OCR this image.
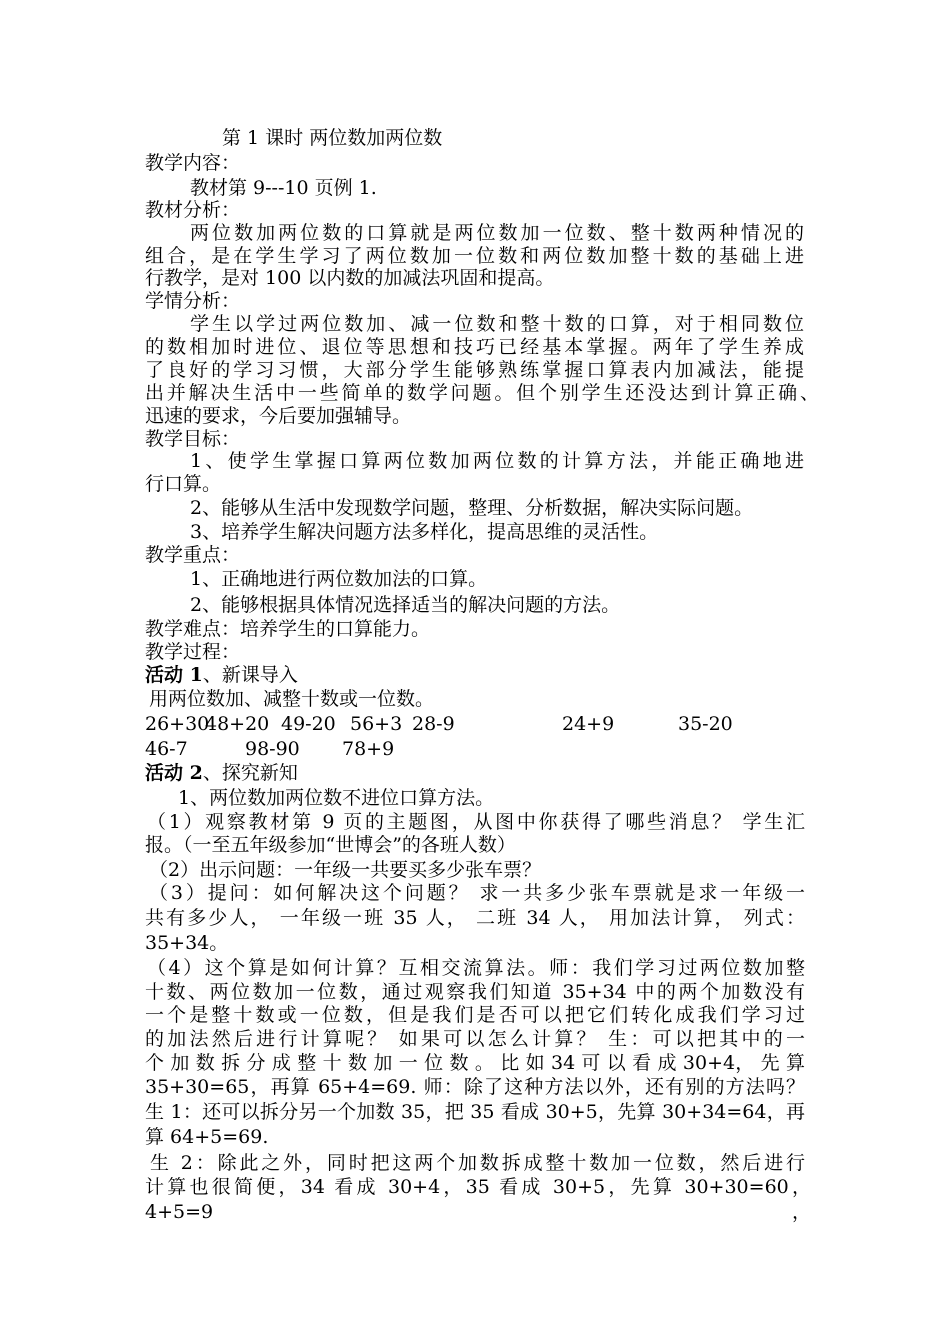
第 1 课时 两位数加两位数
教学内容：
教材第 9---10 页例 1.
教材分析：
两位数加两位数的口算就是两位数加一位数、整十数两种情况的
组合，是在学生学习了两位数加一位数和两位数加整十数的基础上进
行教学，是对 100 以内数的加减法巩固和提高。
学情分析：
学生以学过两位数加、减一位数和整十数的口算，对于相同数位
的数相加时进位、退位等思想和技巧已经基本掌握。两年了学生养成
了良好的学习习惯，大部分学生能够熟练掌握口算表内加减法，能提
出并解决生活中一些简单的数学问题。但个别学生还没达到计算正确、
迅速的要求，今后要加强辅导。
教学目标：
1、使学生掌握口算两位数加两位数的计算方法，并能正确地进
行口算。
2、能够从生活中发现数学问题，整理、分析数据，解决实际问题。
3、培养学生解决问题方法多样化，提高思维的灵活性。
教学重点：
1、正确地进行两位数加法的口算。
2、能够根据具体情况选择适当的解决问题的方法。
教学难点：培养学生的口算能力。
教学过程：
活动 1、新课导入
用两位数加、减整十数或一位数。
26+30
48+20 49-20 56+3 28-9	24+9	35-20
46-7	98-90 78+9
活动 2、探究新知
1、两位数加两位数不进位口算方法。
（1）观察教材第 9 页的主题图，从图中你获得了哪些消息？ 学生汇
报。（一至五年级参加“世博会”的各班人数）
（2）出示问题：一年级一共要买多少张车票？
（3）提问：如何解决这个问题？ 求一共多少张车票就是求一年级一
共有多少人， 一年级一班 35 人， 二班 34 人， 用加法计算， 列式：
35+34。
（4）这个算是如何计算？互相交流算法。师：我们学习过两位数加整
十数、两位数加一位数，通过观察我们知道 35+34 中的两个加数没有
一个是整十数或一位数，但是我们是否可以把它们转化成我们学习过
的加法然后进行计算呢？ 如果可以怎么计算？ 生：可以把其中的一
个 加 数 拆 分 成 整 十 数 加 一 位 数 。 比 如 34 可 以 看 成 30+4， 先 算
35+30=65，再算 65+4=69. 师：除了这种方法以外，还有别的方法吗？
生 1：还可以拆分另一个加数 35，把 35 看成 30+5，先算 30+34=64，再
算 64+5=69.
生 2：除此之外，同时把这两个加数拆成整十数加一位数，然后进行
计算也很简便，34 看成 30+4，35 看成 30+5，先算 30+30=60，4+5=9，
